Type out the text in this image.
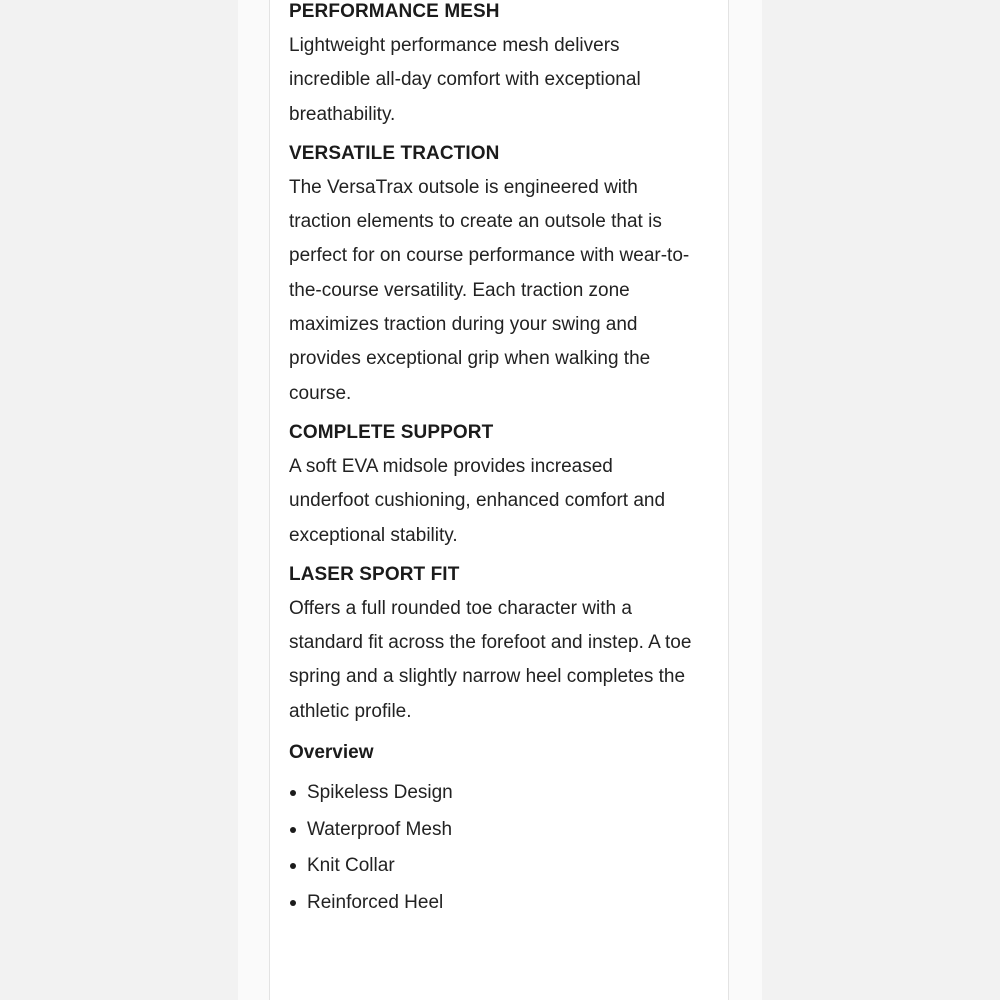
PERFORMANCE MESH

Lightweight performance mesh delivers
incredible all-day comfort with exceptional
breathability.

VERSATILE TRACTION

The VersaTrax outsole is engineered with
traction elements to create an outsole that is
perfect for on course performance with wear-to-
the-course versatility. Each traction zone
maximizes traction during your swing and
provides exceptional grip when walking the
course.

COMPLETE SUPPORT

A soft EVA midsole provides increased
underfoot cushioning, enhanced comfort and
exceptional stability.

LASER SPORT FIT

Offers a full rounded toe character with a
standard fit across the forefoot and instep. A toe
spring and a slightly narrow heel completes the
athletic profile.

Overview
Spikeless Design
Waterproof Mesh
Knit Collar
Reinforced Heel
